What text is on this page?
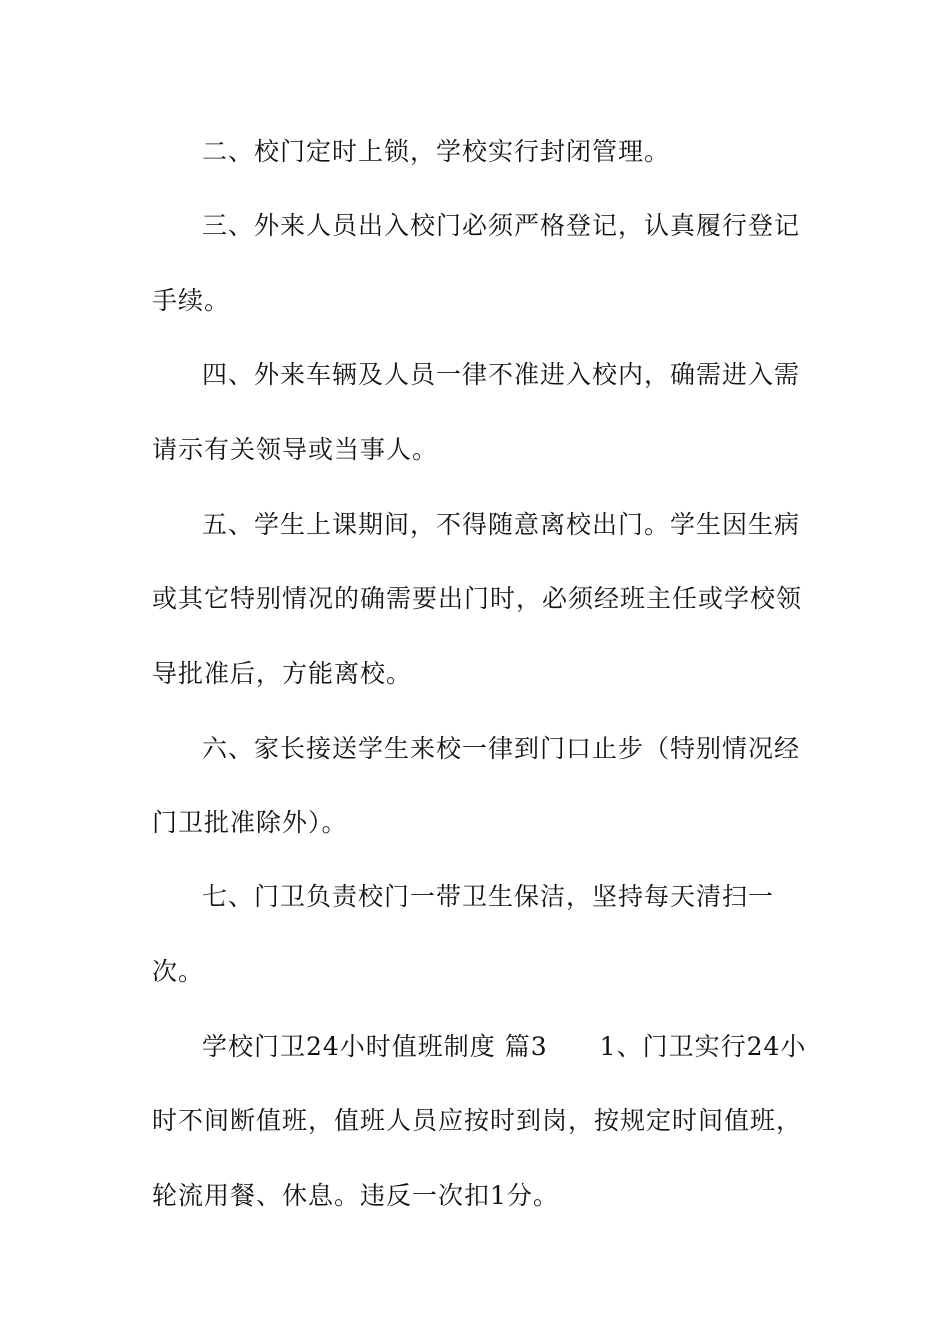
二、校门定时上锁，学校实行封闭管理。
三、外来人员出入校门必须严格登记，认真履行登记
手续。
四、外来车辆及人员一律不准进入校内，确需进入需
请示有关领导或当事人。
五、学生上课期间，不得随意离校出门。学生因生病
或其它特别情况的确需要出门时，必须经班主任或学校领
导批准后，方能离校。
六、家长接送学生来校一律到门口止步（特别情况经
门卫批准除外）。
七、门卫负责校门一带卫生保洁，坚持每天清扫一
次。
学校门卫24小时值班制度 篇3　　1、门卫实行24小
时不间断值班，值班人员应按时到岗，按规定时间值班，
轮流用餐、休息。违反一次扣1分。
